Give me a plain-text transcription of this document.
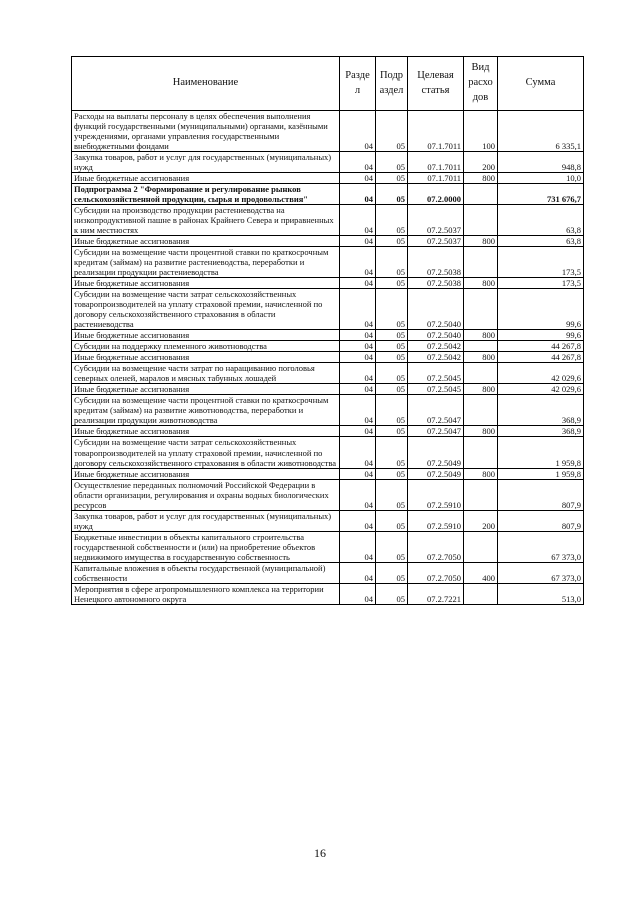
Наименование	Разде л	Подр аздел	Целевая статья	Вид расхо дов	Сумма
Расходы на выплаты персоналу в целях обеспечения выполнения функций государственными (муниципальными) органами, казёнными учреждениями, органами управления государственными внебюджетными фондами	04	05	07.1.7011	100	6 335,1
Закупка товаров, работ и услуг для государственных (муниципальных) нужд	04	05	07.1.7011	200	948,8
Иные бюджетные ассигнования	04	05	07.1.7011	800	10,0
Подпрограмма 2 "Формирование и регулирование рынков сельскохозяйственной продукции, сырья и продовольствия"	04	05	07.2.0000		731 676,7
Субсидии на производство продукции растениеводства на низкопродуктивной пашне в районах Крайнего Севера и приравненных к ним местностях	04	05	07.2.5037		63,8
Иные бюджетные ассигнования	04	05	07.2.5037	800	63,8
Субсидии на возмещение части процентной ставки по краткосрочным кредитам (займам) на развитие растениеводства, переработки и реализации продукции растениеводства	04	05	07.2.5038		173,5
Иные бюджетные ассигнования	04	05	07.2.5038	800	173,5
Субсидии на возмещение части затрат сельскохозяйственных товаропроизводителей на уплату страховой премии, начисленной по договору сельскохозяйственного страхования в области растениеводства	04	05	07.2.5040		99,6
Иные бюджетные ассигнования	04	05	07.2.5040	800	99,6
Субсидии на поддержку племенного животноводства	04	05	07.2.5042		44 267,8
Иные бюджетные ассигнования	04	05	07.2.5042	800	44 267,8
Субсидии на возмещение части затрат по наращиванию поголовья северных оленей, маралов и мясных табунных лошадей	04	05	07.2.5045		42 029,6
Иные бюджетные ассигнования	04	05	07.2.5045	800	42 029,6
Субсидии на возмещение части процентной ставки по краткосрочным кредитам (займам) на развитие животноводства, переработки и реализации продукции животноводства	04	05	07.2.5047		368,9
Иные бюджетные ассигнования	04	05	07.2.5047	800	368,9
Субсидии на возмещение части затрат сельскохозяйственных товаропроизводителей на уплату страховой премии, начисленной по договору сельскохозяйственного страхования в области животноводства	04	05	07.2.5049		1 959,8
Иные бюджетные ассигнования	04	05	07.2.5049	800	1 959,8
Осуществление переданных полномочий Российской Федерации в области организации, регулирования и охраны водных биологических ресурсов	04	05	07.2.5910		807,9
Закупка товаров, работ и услуг для государственных (муниципальных) нужд	04	05	07.2.5910	200	807,9
Бюджетные инвестиции в объекты капитального строительства государственной собственности и (или) на приобретение объектов недвижимого имущества в государственную собственность	04	05	07.2.7050		67 373,0
Капитальные вложения в объекты государственной (муниципальной) собственности	04	05	07.2.7050	400	67 373,0
Мероприятия в сфере агропромышленного комплекса на территории Ненецкого автономного округа	04	05	07.2.7221		513,0
16
